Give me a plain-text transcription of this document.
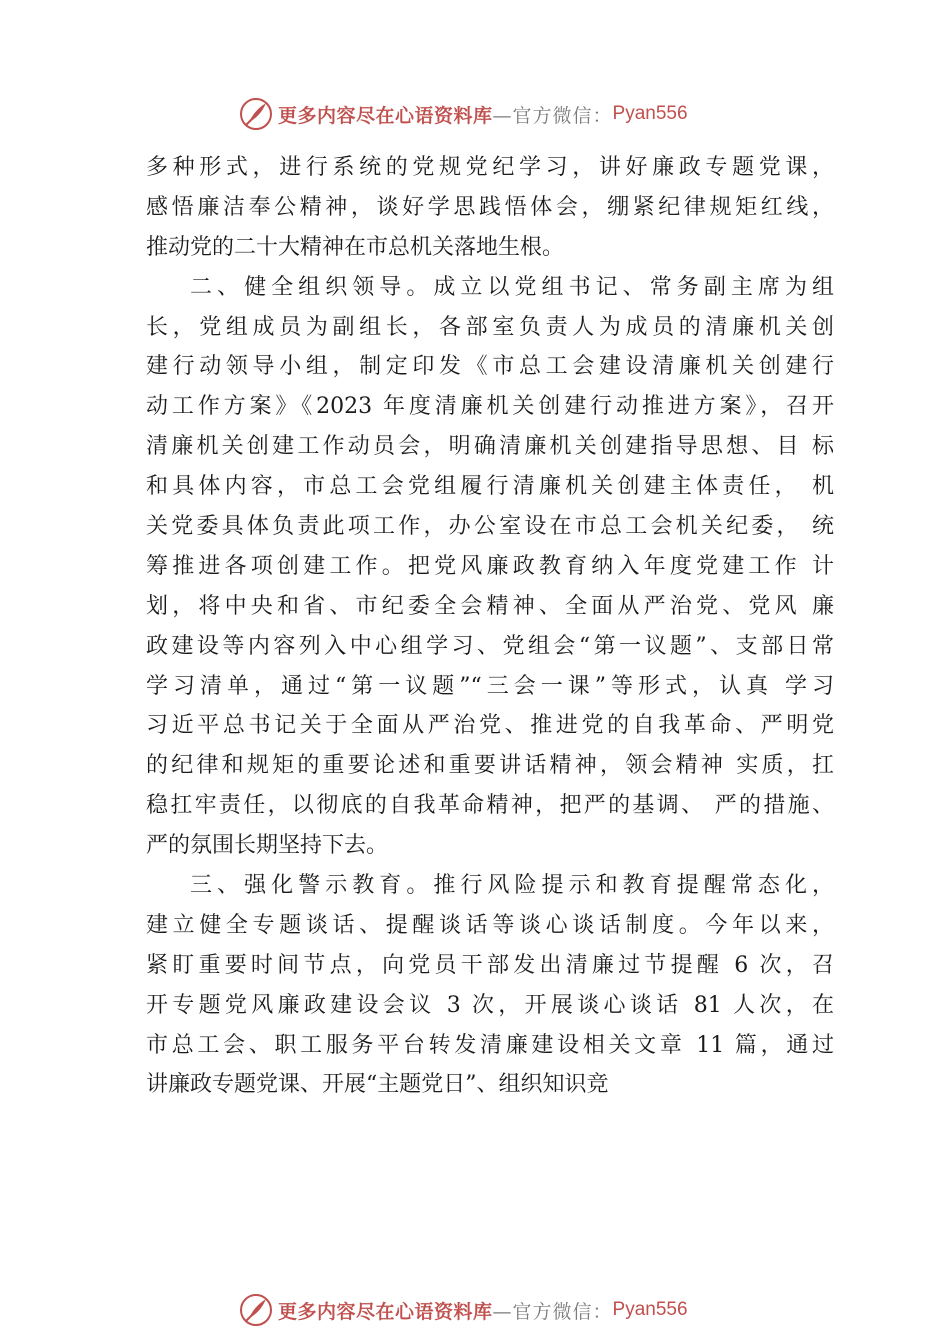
更多内容尽在心语资料库 —官方微信： Pyan556
多种形式，进行系统的党规党纪学习，讲好廉政专题党课，
感悟廉洁奉公精神，谈好学思践悟体会，绷紧纪律规矩红线，
推动党的二十大精神在市总机关落地生根。
二、健全组织领导。成立以党组书记、常务副主席为组
长，党组成员为副组长，各部室负责人为成员的清廉机关创
建行动领导小组，制定印发《市总工会建设清廉机关创建行
动工作方案》《2023 年度清廉机关创建行动推进方案》，召开
清廉机关创建工作动员会，明确清廉机关创建指导思想、目 标
和具体内容，市总工会党组履行清廉机关创建主体责任， 机
关党委具体负责此项工作，办公室设在市总工会机关纪委， 统
筹推进各项创建工作。把党风廉政教育纳入年度党建工作 计
划，将中央和省、市纪委全会精神、全面从严治党、党风 廉
政建设等内容列入中心组学习、党组会“第一议题”、支部日常
学习清单，通过“第一议题”“三会一课”等形式，认真 学习
习近平总书记关于全面从严治党、推进党的自我革命、严明党
的纪律和规矩的重要论述和重要讲话精神，领会精神 实质，扛
稳扛牢责任，以彻底的自我革命精神，把严的基调、 严的措施、
严的氛围长期坚持下去。
三、强化警示教育。推行风险提示和教育提醒常态化，
建立健全专题谈话、提醒谈话等谈心谈话制度。今年以来，
紧盯重要时间节点，向党员干部发出清廉过节提醒 6 次，召
开专题党风廉政建设会议 3 次，开展谈心谈话 81 人次，在
市总工会、职工服务平台转发清廉建设相关文章 11 篇，通过
讲廉政专题党课、开展“主题党日”、组织知识竞
更多内容尽在心语资料库 —官方微信： Pyan556
